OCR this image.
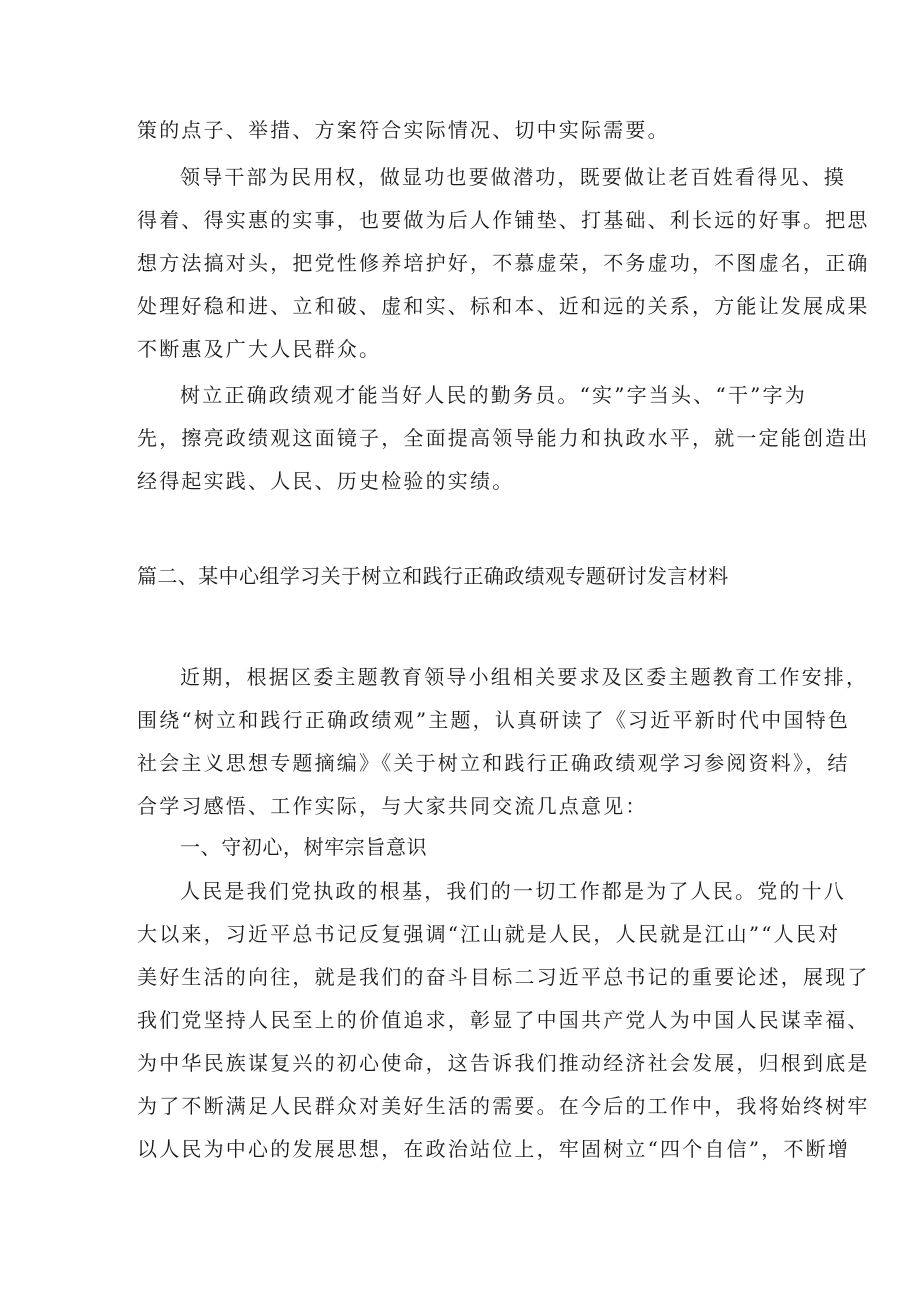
策的点子、举措、方案符合实际情况、切中实际需要。

领导干部为民用权，做显功也要做潜功，既要做让老百姓看得见、摸

得着、得实惠的实事，也要做为后人作铺垫、打基础、利长远的好事。把思

想方法搞对头，把党性修养培护好，不慕虚荣，不务虚功，不图虚名，正确

处理好稳和进、立和破、虚和实、标和本、近和远的关系，方能让发展成果

不断惠及广大人民群众。

树立正确政绩观才能当好人民的勤务员。“实”字当头、“干”字为

先，擦亮政绩观这面镜子，全面提高领导能力和执政水平，就一定能创造出

经得起实践、人民、历史检验的实绩。

篇二、某中心组学习关于树立和践行正确政绩观专题研讨发言材料

近期，根据区委主题教育领导小组相关要求及区委主题教育工作安排，

围绕“树立和践行正确政绩观”主题，认真研读了《习近平新时代中国特色

社会主义思想专题摘编》《关于树立和践行正确政绩观学习参阅资料》，结

合学习感悟、工作实际，与大家共同交流几点意见：

一、守初心，树牢宗旨意识

人民是我们党执政的根基，我们的一切工作都是为了人民。党的十八

大以来，习近平总书记反复强调“江山就是人民，人民就是江山”“人民对

美好生活的向往，就是我们的奋斗目标二习近平总书记的重要论述，展现了

我们党坚持人民至上的价值追求，彰显了中国共产党人为中国人民谋幸福、

为中华民族谋复兴的初心使命，这告诉我们推动经济社会发展，归根到底是

为了不断满足人民群众对美好生活的需要。在今后的工作中，我将始终树牢

以人民为中心的发展思想，在政治站位上，牢固树立“四个自信”，不断增
